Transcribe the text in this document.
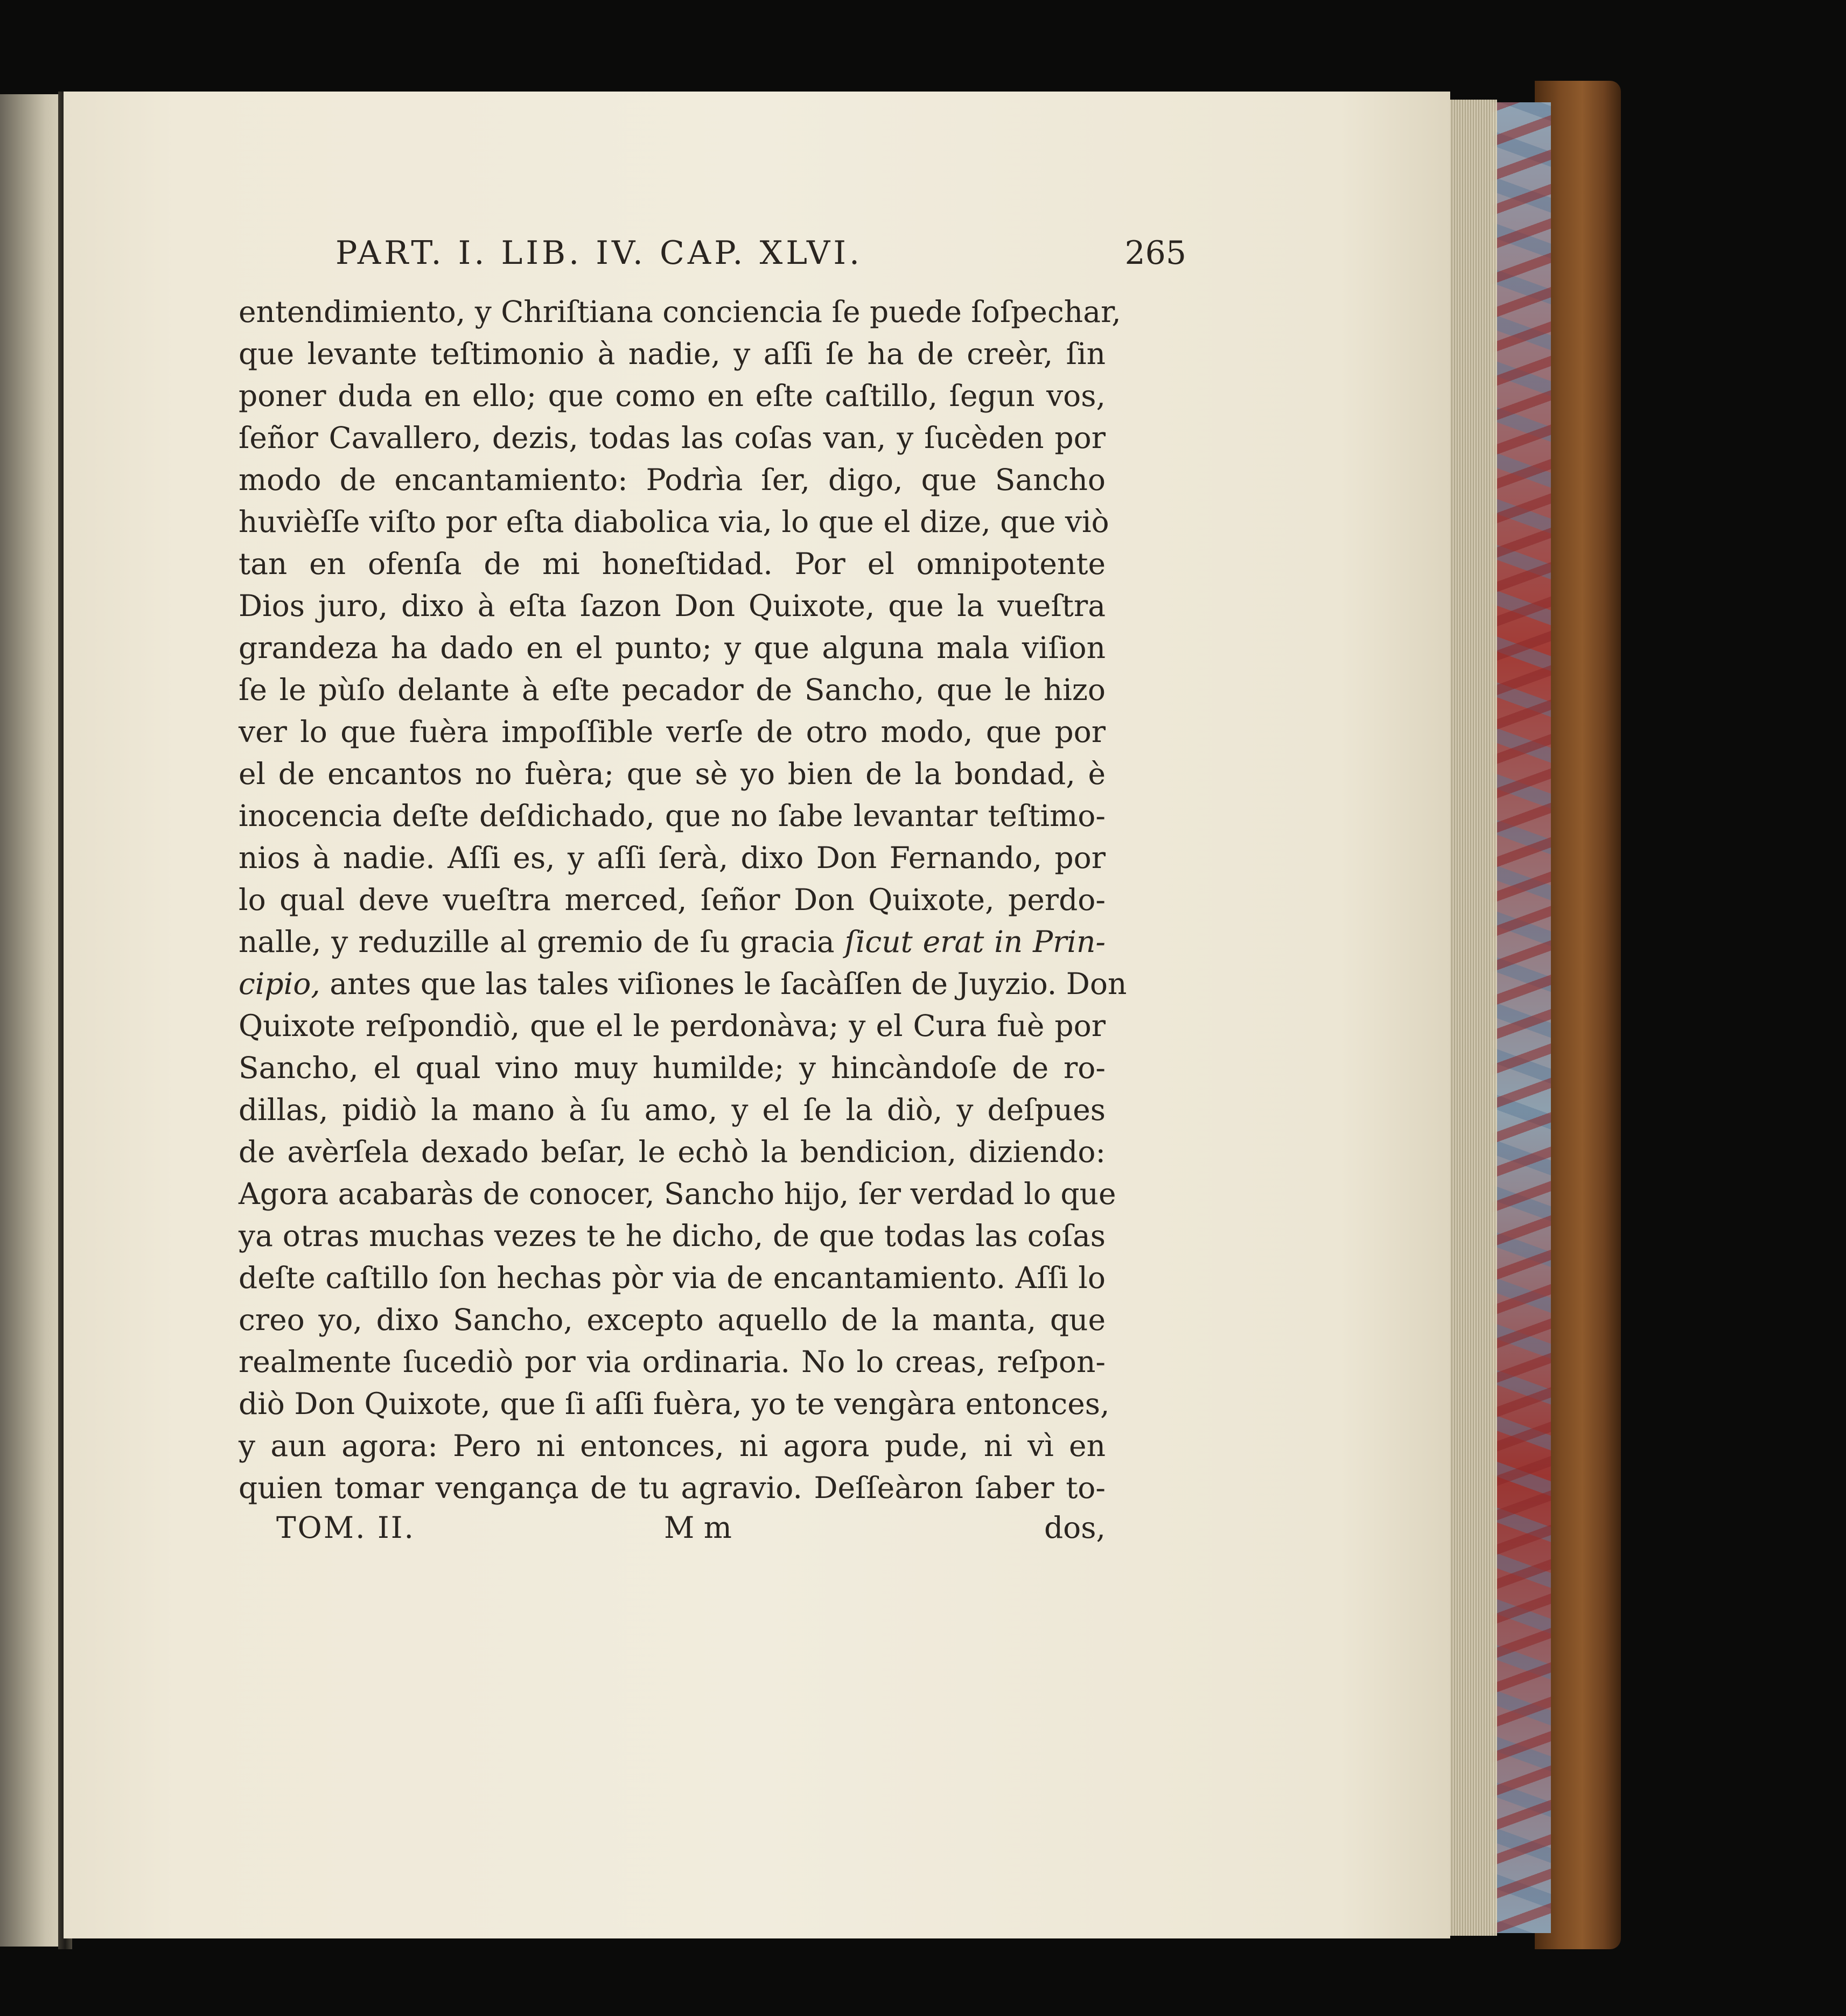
PART. I. LIB. IV. CAP. XLVI.	265
entendimiento, y Chriſtiana conciencia ſe puede ſoſpechar,
que levante teſtimonio à nadie, y aſſi ſe ha de creèr, ſin
poner duda en ello; que como en eſte caſtillo, ſegun vos,
ſeñor Cavallero, dezis, todas las coſas van, y ſucèden por
modo de encantamiento: Podrìa ſer, digo, que Sancho
huvièſſe viſto por eſta diabolica via, lo que el dize, que viò
tan en ofenſa de mi honeſtidad. Por el omnipotente
Dios juro, dixo à eſta ſazon Don Quixote, que la vueſtra
grandeza ha dado en el punto; y que alguna mala viſion
ſe le pùſo delante à eſte pecador de Sancho, que le hizo
ver lo que fuèra impoſſible verſe de otro modo, que por
el de encantos no fuèra; que sè yo bien de la bondad, è
inocencia deſte deſdichado, que no ſabe levantar teſtimo-
nios à nadie. Aſſi es, y aſſi ſerà, dixo Don Fernando, por
lo qual deve vueſtra merced, ſeñor Don Quixote, perdo-
nalle, y reduzille al gremio de ſu gracia ſicut erat in Prin-
cipio, antes que las tales viſiones le ſacàſſen de Juyzio. Don
Quixote reſpondiò, que el le perdonàva; y el Cura fuè por
Sancho, el qual vino muy humilde; y hincàndoſe de ro-
dillas, pidiò la mano à ſu amo, y el ſe la diò, y deſpues
de avèrſela dexado beſar, le echò la bendicion, diziendo:
Agora acabaràs de conocer, Sancho hijo, ſer verdad lo que
ya otras muchas vezes te he dicho, de que todas las coſas
deſte caſtillo ſon hechas pòr via de encantamiento. Aſſi lo
creo yo, dixo Sancho, excepto aquello de la manta, que
realmente ſucediò por via ordinaria. No lo creas, reſpon-
diò Don Quixote, que ſi aſſi fuèra, yo te vengàra entonces,
y aun agora: Pero ni entonces, ni agora pude, ni vì en
quien tomar vengança de tu agravio. Deſſeàron ſaber to-
TOM. II.	M m	dos,
